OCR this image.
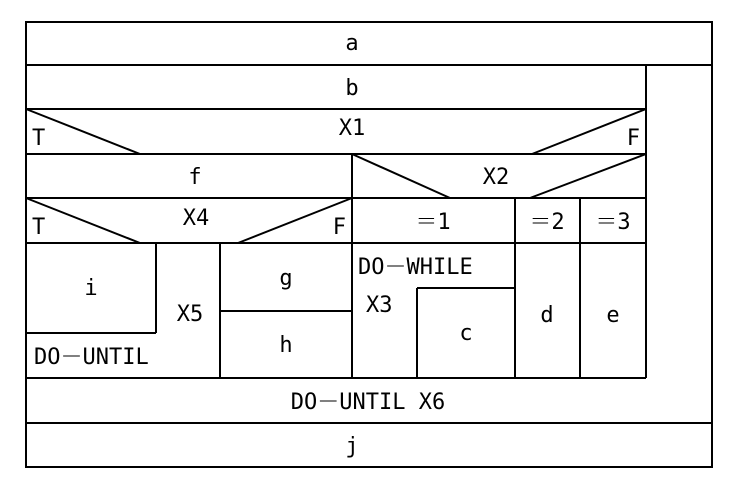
a
b
T	X1	F
f	X2
T	X4	F	＝1	＝2 ＝3
i
X5
DO－UNTIL
g
h
DO－WHILE
X3
c
d e
DO－UNTIL X6
j
